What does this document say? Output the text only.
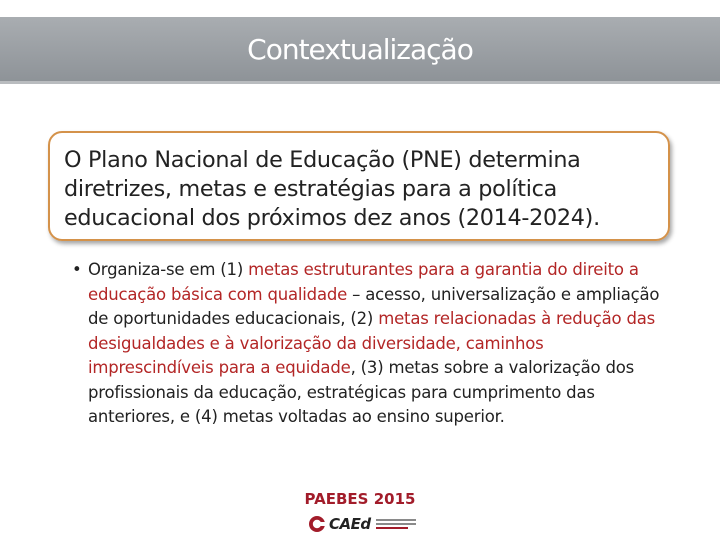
Contextualização
O Plano Nacional de Educação (PNE) determina diretrizes, metas e estratégias para a política educacional dos próximos dez anos (2014-2024).
• Organiza-se em (1) metas estruturantes para a garantia do direito a educação básica com qualidade – acesso, universalização e ampliação de oportunidades educacionais, (2) metas relacionadas à redução das desigualdades e à valorização da diversidade, caminhos imprescindíveis para a equidade, (3) metas sobre a valorização dos profissionais da educação, estratégicas para cumprimento das anteriores, e (4) metas voltadas ao ensino superior.
PAEBES 2015
CAEd
